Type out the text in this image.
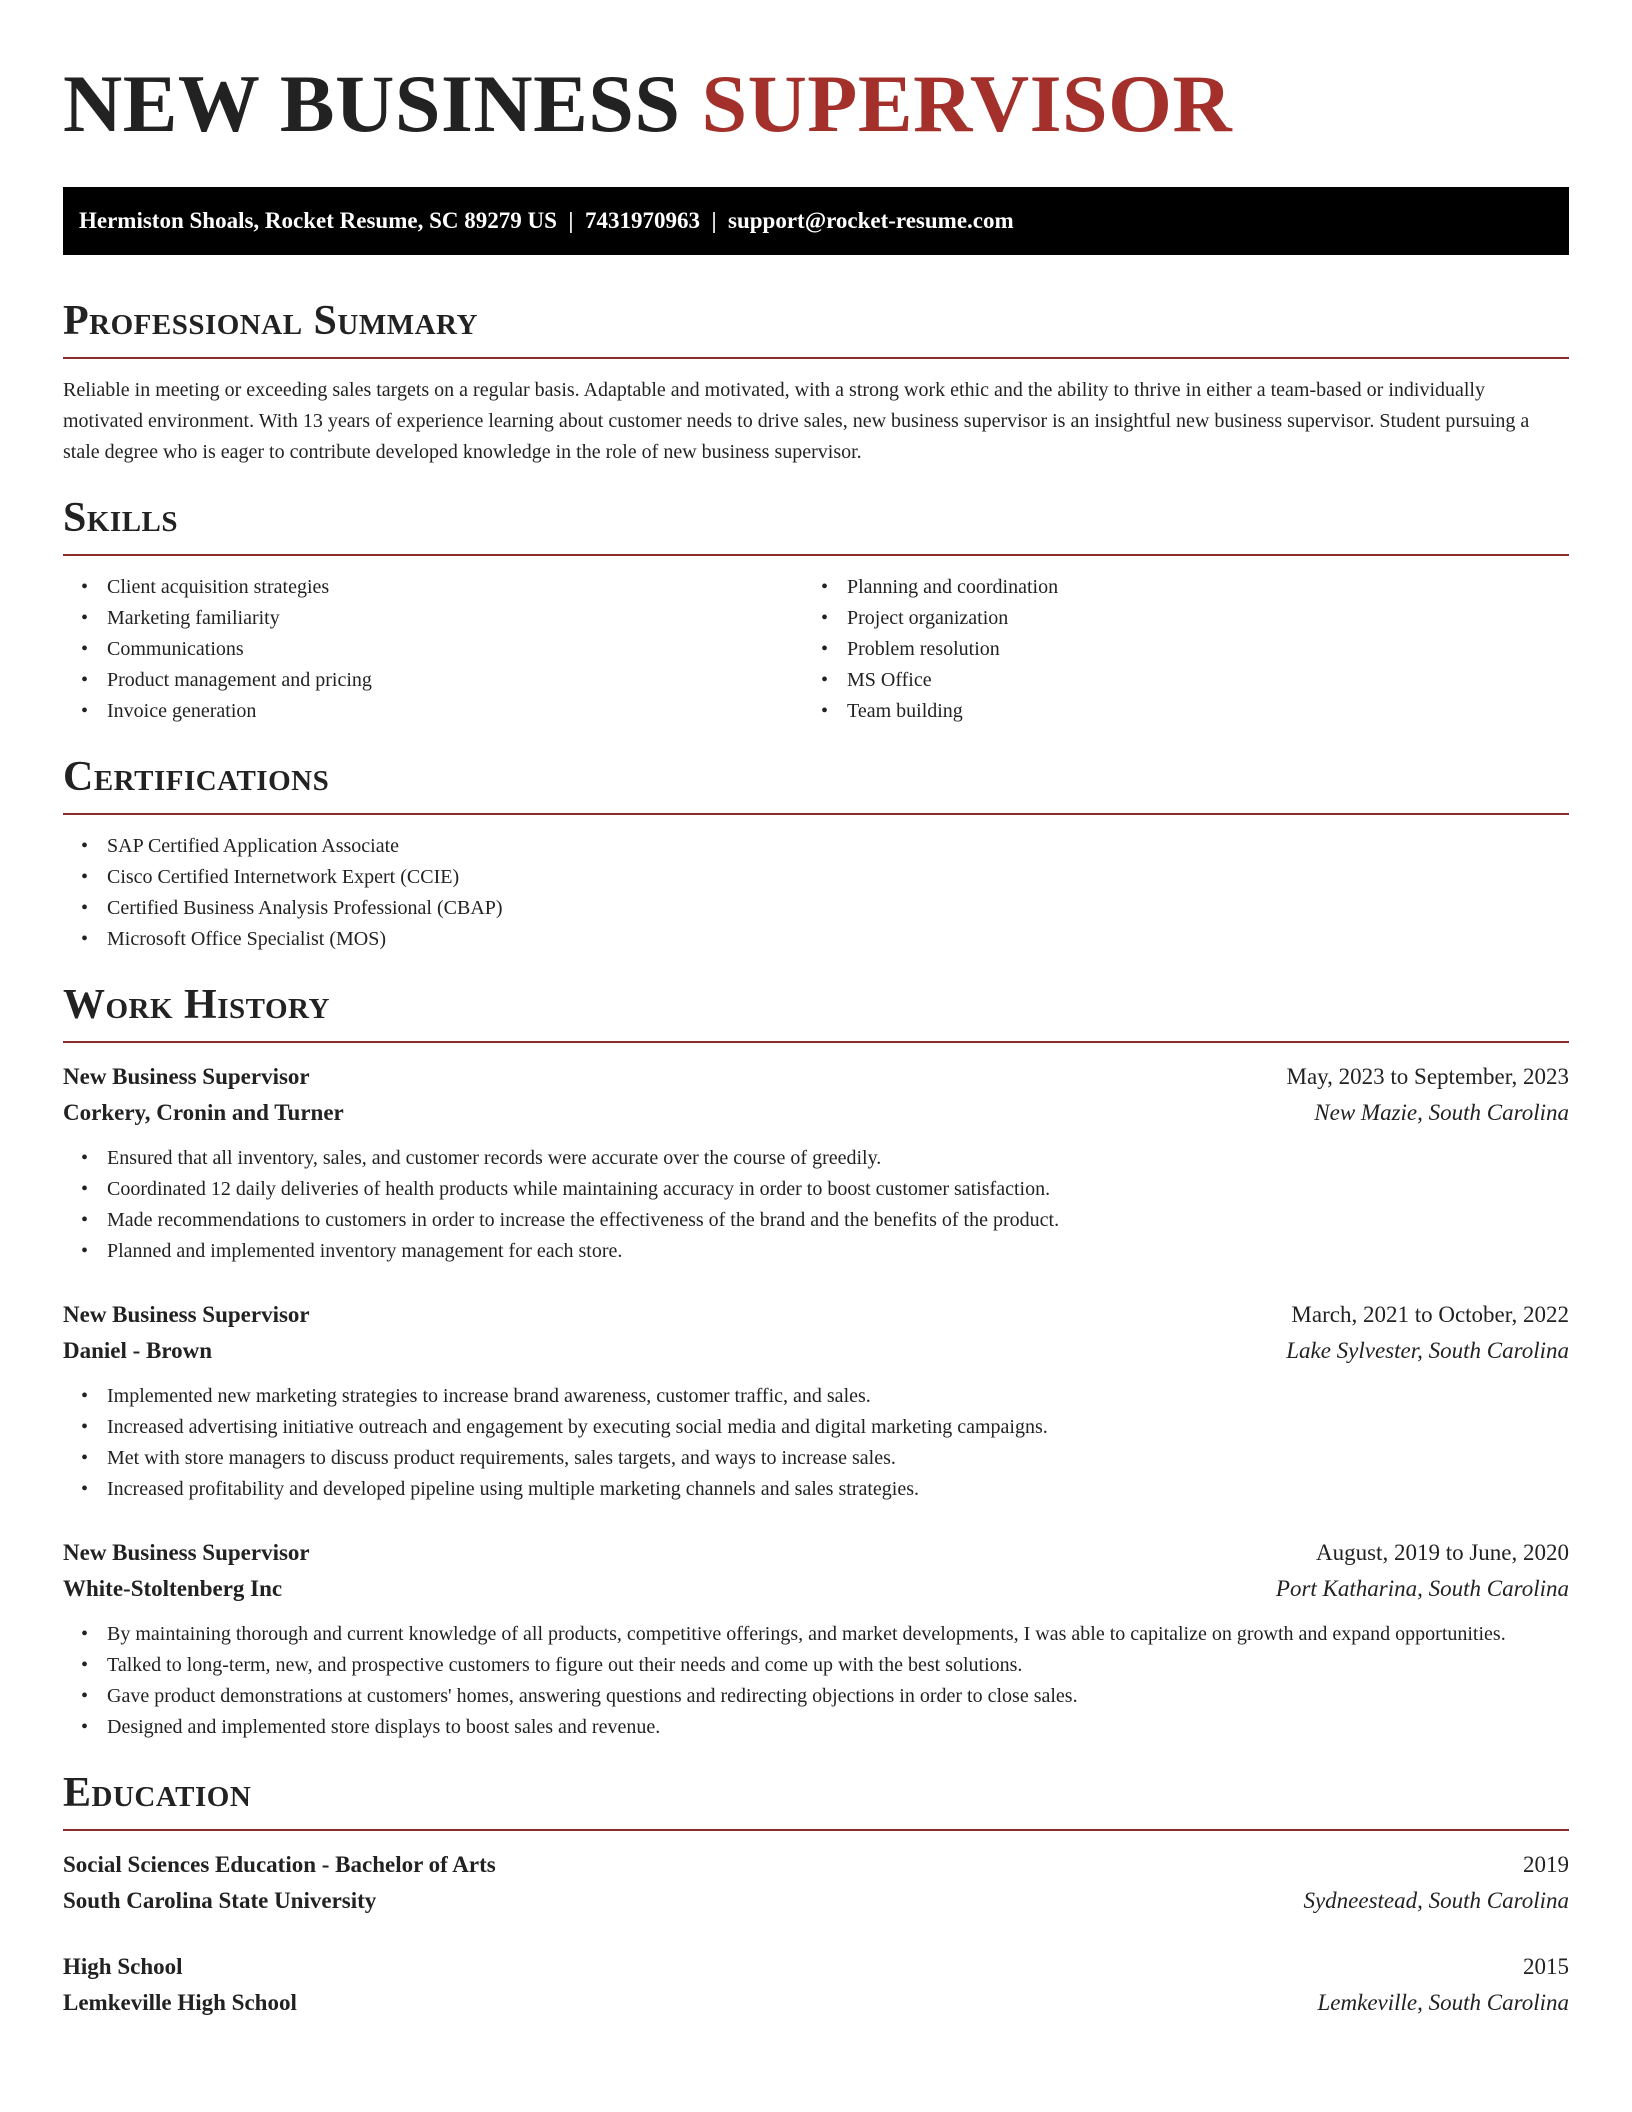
NEW BUSINESS SUPERVISOR
Hermiston Shoals, Rocket Resume, SC 89279 US  |  7431970963  |  support@rocket-resume.com
Professional Summary

Reliable in meeting or exceeding sales targets on a regular basis. Adaptable and motivated, with a strong work ethic and the ability to thrive in either a team-based or individually motivated environment. With 13 years of experience learning about customer needs to drive sales, new business supervisor is an insightful new business supervisor. Student pursuing a stale degree who is eager to contribute developed knowledge in the role of new business supervisor.

Skills
• Client acquisition strategies
• Marketing familiarity
• Communications
• Product management and pricing
• Invoice generation
• Planning and coordination
• Project organization
• Problem resolution
• MS Office
• Team building
Certifications
• SAP Certified Application Associate
• Cisco Certified Internetwork Expert (CCIE)
• Certified Business Analysis Professional (CBAP)
• Microsoft Office Specialist (MOS)
Work History
New Business Supervisor	May, 2023 to September, 2023
Corkery, Cronin and Turner	New Mazie, South Carolina
• Ensured that all inventory, sales, and customer records were accurate over the course of greedily.
• Coordinated 12 daily deliveries of health products while maintaining accuracy in order to boost customer satisfaction.
• Made recommendations to customers in order to increase the effectiveness of the brand and the benefits of the product.
• Planned and implemented inventory management for each store.
New Business Supervisor	March, 2021 to October, 2022
Daniel - Brown	Lake Sylvester, South Carolina
• Implemented new marketing strategies to increase brand awareness, customer traffic, and sales.
• Increased advertising initiative outreach and engagement by executing social media and digital marketing campaigns.
• Met with store managers to discuss product requirements, sales targets, and ways to increase sales.
• Increased profitability and developed pipeline using multiple marketing channels and sales strategies.
New Business Supervisor	August, 2019 to June, 2020
White-Stoltenberg Inc	Port Katharina, South Carolina
• By maintaining thorough and current knowledge of all products, competitive offerings, and market developments, I was able to capitalize on growth and expand opportunities.
• Talked to long-term, new, and prospective customers to figure out their needs and come up with the best solutions.
• Gave product demonstrations at customers' homes, answering questions and redirecting objections in order to close sales.
• Designed and implemented store displays to boost sales and revenue.
Education
Social Sciences Education - Bachelor of Arts	2019
South Carolina State University	Sydneestead, South Carolina
High School	2015
Lemkeville High School	Lemkeville, South Carolina
